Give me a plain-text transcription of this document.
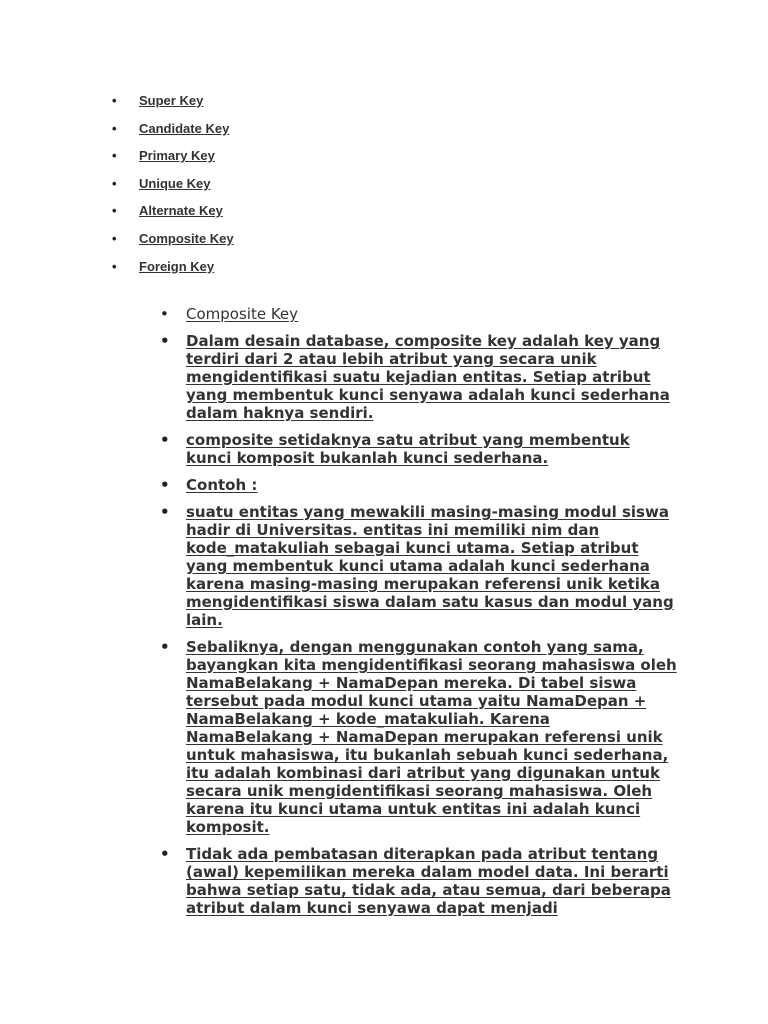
• Super Key
• Candidate Key
• Primary Key
• Unique Key
• Alternate Key
• Composite Key
• Foreign Key
• Composite Key
• Dalam desain database, composite key adalah key yang terdiri dari 2 atau lebih atribut yang secara unik mengidentifikasi suatu kejadian entitas. Setiap atribut yang membentuk kunci senyawa adalah kunci sederhana dalam haknya sendiri.
• composite setidaknya satu atribut yang membentuk kunci komposit bukanlah kunci sederhana.
• Contoh :
• suatu entitas yang mewakili masing-masing modul siswa hadir di Universitas. entitas ini memiliki nim dan kode_matakuliah sebagai kunci utama. Setiap atribut yang membentuk kunci utama adalah kunci sederhana karena masing-masing merupakan referensi unik ketika mengidentifikasi siswa dalam satu kasus dan modul yang lain.
• Sebaliknya, dengan menggunakan contoh yang sama, bayangkan kita mengidentifikasi seorang mahasiswa oleh NamaBelakang + NamaDepan mereka. Di tabel siswa tersebut pada modul kunci utama yaitu NamaDepan + NamaBelakang + kode_matakuliah. Karena NamaBelakang + NamaDepan merupakan referensi unik untuk mahasiswa, itu bukanlah sebuah kunci sederhana, itu adalah kombinasi dari atribut yang digunakan untuk secara unik mengidentifikasi seorang mahasiswa. Oleh karena itu kunci utama untuk entitas ini adalah kunci komposit.
• Tidak ada pembatasan diterapkan pada atribut tentang (awal) kepemilikan mereka dalam model data. Ini berarti bahwa setiap satu, tidak ada, atau semua, dari beberapa atribut dalam kunci senyawa dapat menjadi
